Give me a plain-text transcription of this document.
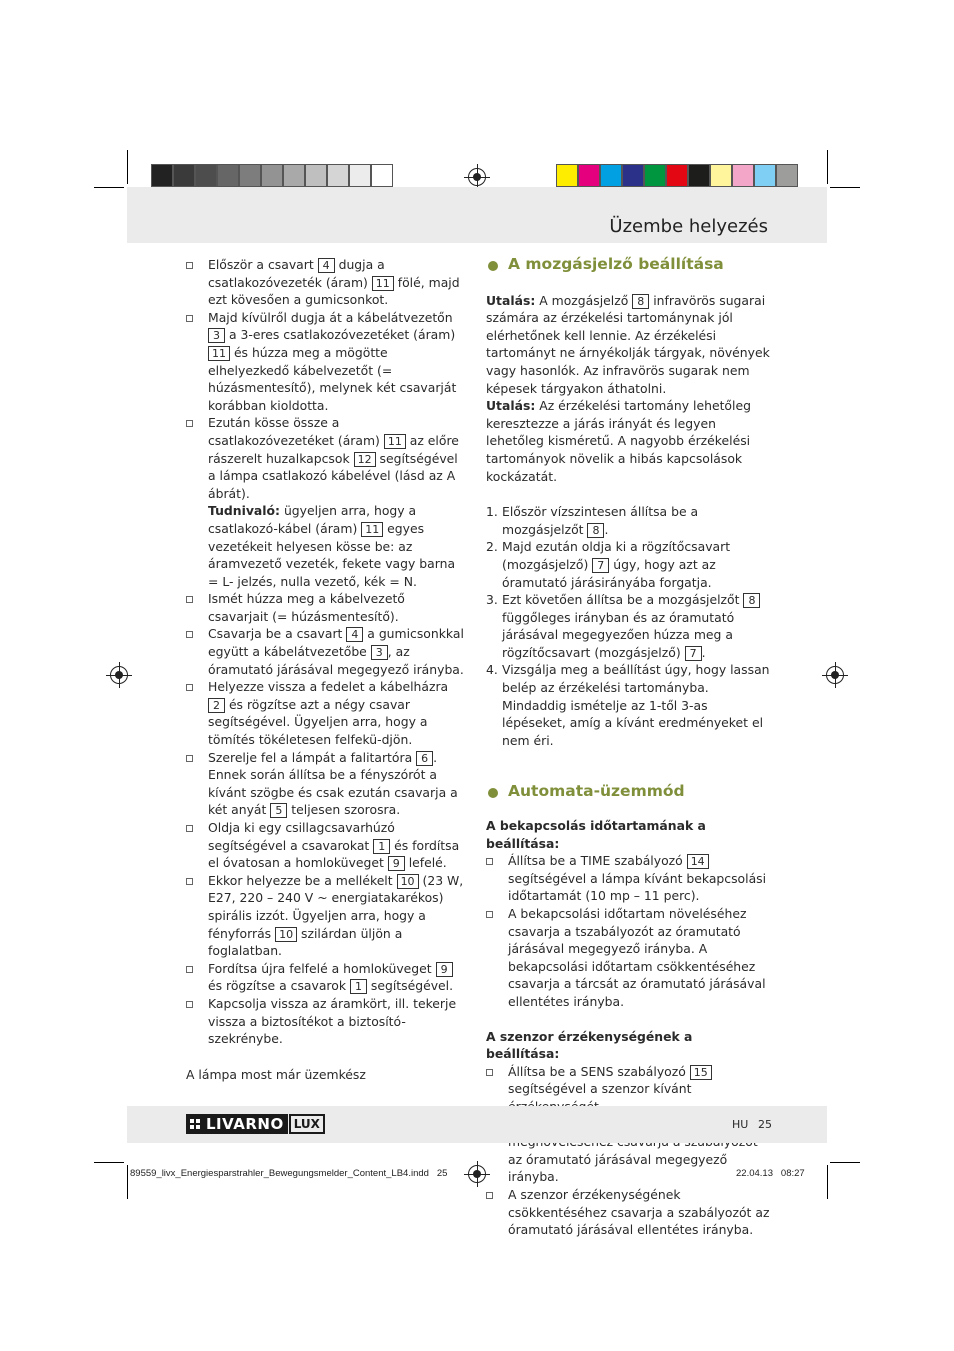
Üzembe helyezés
Először a csavart 4 dugja a csatlakozóvezeték (áram) 11 fölé, majd ezt kövesően a gumicsonkot.
Majd kívülről dugja át a kábelátvezetőn 3 a 3-eres csatlakozóvezetéket (áram) 11 és húzza meg a mögötte elhelyezkedő kábelvezetőt (= húzásmentesítő), melynek két csavarját korábban kioldotta.
Ezután kösse össze a csatlakozóvezetéket (áram) 11 az előre rászerelt huzalkapcsok 12 segítségével a lámpa csatlakozó kábelével (lásd az A ábrát).
Tudnivaló: ügyeljen arra, hogy a csatlakozó-kábel (áram) 11 egyes vezetékeit helyesen kösse be: az áramvezető vezeték, fekete vagy barna = L- jelzés, nulla vezető, kék = N.
Ismét húzza meg a kábelvezető csavarjait (= húzásmentesítő).
Csavarja be a csavart 4 a gumicsonkkal együtt a kábelátvezetőbe 3 , az óramutató járásával megegyező irányba.
Helyezze vissza a fedelet a kábelházra 2 és rögzítse azt a négy csavar segítségével. Ügyeljen arra, hogy a tömítés tökéletesen felfekü-djön.
Szerelje fel a lámpát a falitartóra 6 . Ennek során állítsa be a fényszórót a kívánt szögbe és csak ezután csavarja a két anyát 5 teljesen szorosra.
Oldja ki egy csillagcsavarhúzó segítségével a csavarokat 1 és fordítsa el óvatosan a homloküveget 9 lefelé.
Ekkor helyezze be a mellékelt 10 (23 W, E27, 220 – 240 V ~ energiatakarékos) spirális izzót. Ügyeljen arra, hogy a fényforrás 10 szilárdan üljön a foglalatban.
Fordítsa újra felfelé a homloküveget 9 és rögzítse a csavarok 1 segítségével.
Kapcsolja vissza az áramkört, ill. tekerje vissza a biztosítékot a biztosító-szekrénybe.

A lámpa most már üzemkész

A mozgásjelző beállítása

Utalás: A mozgásjelző 8 infravörös sugarai számára az érzékelési tartománynak jól elérhetőnek kell lennie. Az érzékelési tartományt ne árnyékolják tárgyak, növények vagy hasonlók. Az infravörös sugarak nem képesek tárgyakon áthatolni.

Utalás: Az érzékelési tartomány lehetőleg keresztezze a járás irányát és legyen lehetőleg kisméretű. A nagyobb érzékelési tartományok növelik a hibás kapcsolások kockázatát.

1. Először vízszintesen állítsa be a mozgásjelzőt 8 .
2. Majd ezután oldja ki a rögzítőcsavart (mozgásjelző) 7 úgy, hogy azt az óramutató járásirányába forgatja.
3. Ezt követően állítsa be a mozgásjelzőt 8 függőleges irányban és az óramutató járásával megegyezően húzza meg a rögzítőcsavart (mozgásjelző) 7 .
4. Vizsgálja meg a beállítást úgy, hogy lassan belép az érzékelési tartományba. Mindaddig ismételje az 1-től 3-as lépéseket, amíg a kívánt eredményeket el nem éri.
Automata-üzemmód

A bekapcsolás időtartamának a beállítása:

Állítsa be a TIME szabályozó 14 segítségével a lámpa kívánt bekapcsolási időtartamát (10 mp – 11 perc).
A bekapcsolási időtartam növeléséhez csavarja a tszabályozót az óramutató járásával megegyező irányba. A bekapcsolási időtartam csökkentéséhez csavarja a tárcsát az óramutató járásával ellentétes irányba.

A szenzor érzékenységének a beállítása:

Állítsa be a SENS szabályozó 15 segítségével a szenzor kívánt
az óramutató járásával megegyező irányba.
A szenzor érzékenységének csökkentéséhez csavarja a szabályozót az óramutató járásával ellentétes irányba.
LIVARNO LUX	HU 25
89559_livx_Energiesparstrahler_Bewegungsmelder_Content_LB4.indd 25	22.04.13 08:27
